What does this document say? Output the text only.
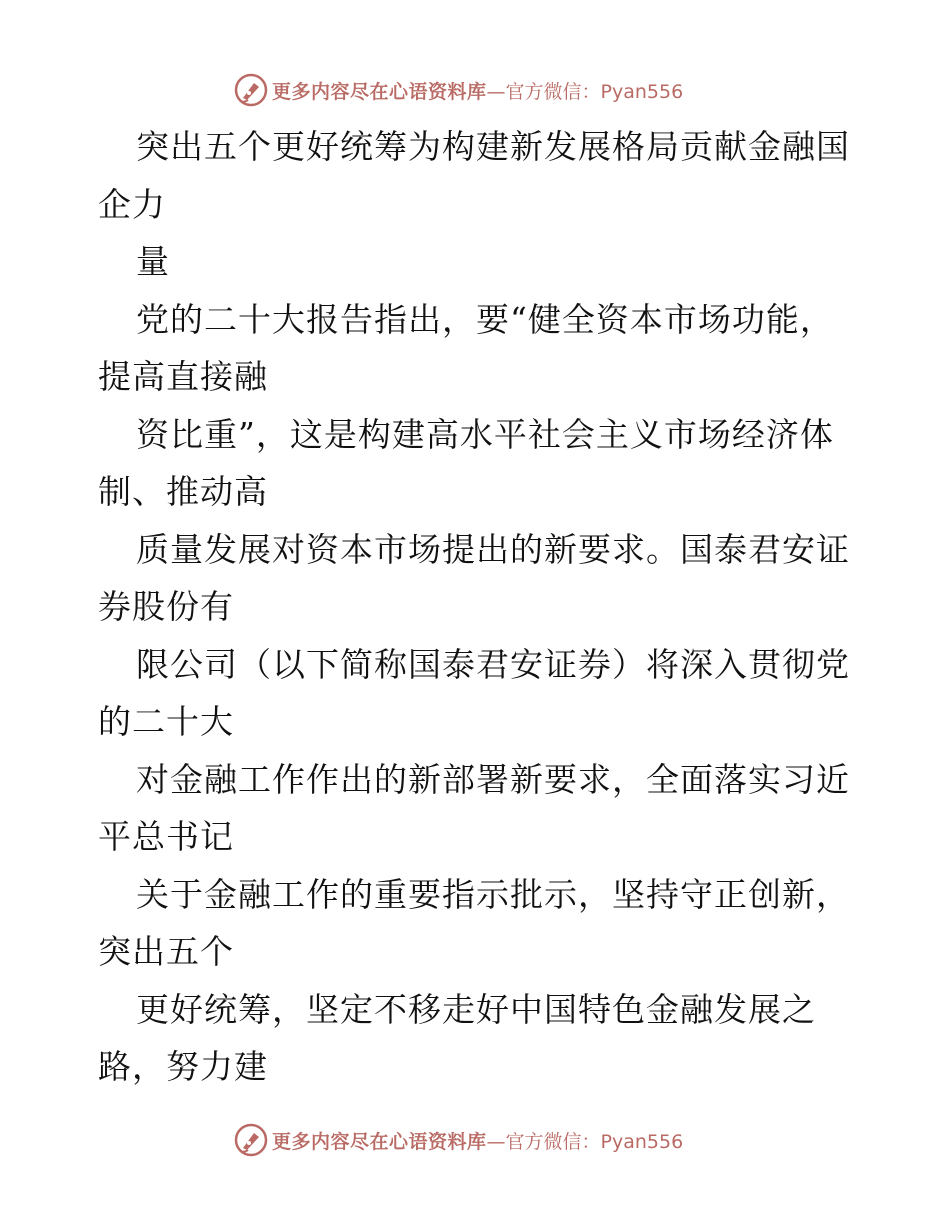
更多内容尽在心语资料库 —官方微信：Pyan556
突出五个更好统筹为构建新发展格局贡献金融国
企力
量
党的二十大报告指出，要“健全资本市场功能，
提高直接融
资比重”，这是构建高水平社会主义市场经济体
制、推动高
质量发展对资本市场提出的新要求。国泰君安证
券股份有
限公司（以下简称国泰君安证券）将深入贯彻党
的二十大
对金融工作作出的新部署新要求，全面落实习近
平总书记
关于金融工作的重要指示批示，坚持守正创新，
突出五个
更好统筹，坚定不移走好中国特色金融发展之
路，努力建
更多内容尽在心语资料库 —官方微信：Pyan556
